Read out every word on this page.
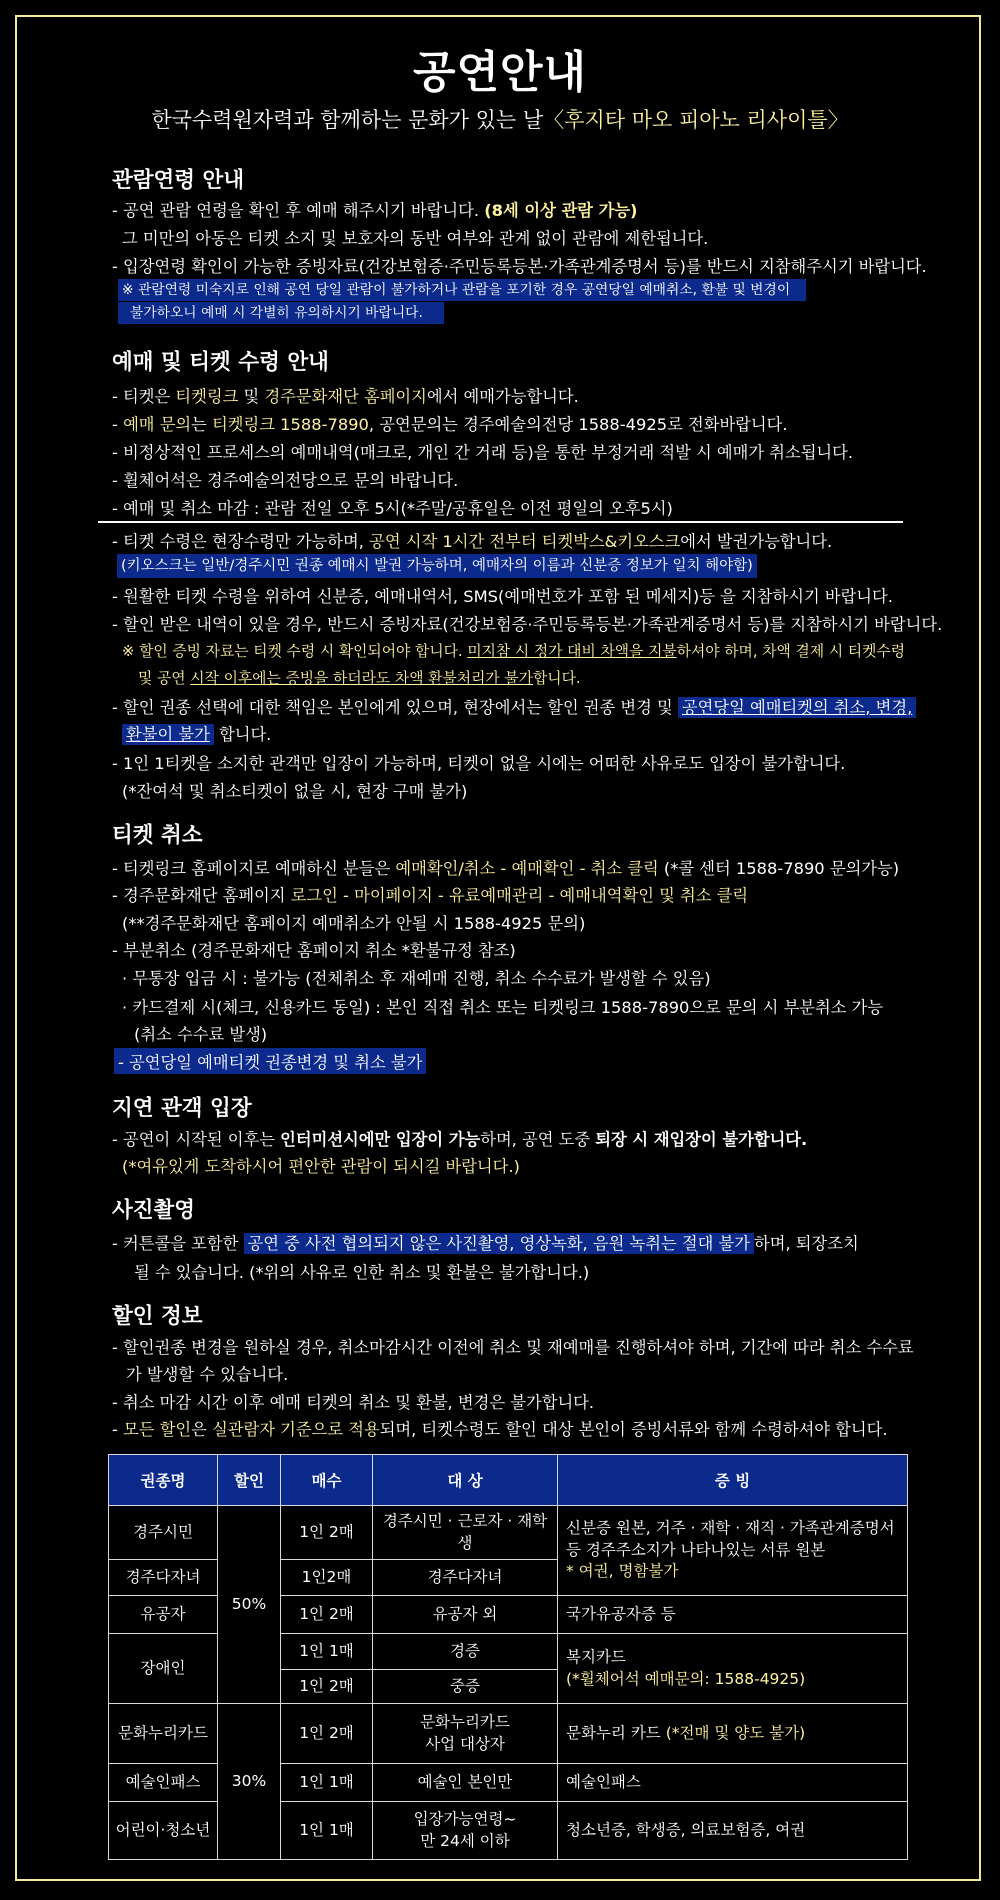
공연안내
한국수력원자력과 함께하는 문화가 있는 날〈후지타 마오 피아노 리사이틀〉
관람연령 안내
- 공연 관람 연령을 확인 후 예매 해주시기 바랍니다. (8세 이상 관람 가능)
그 미만의 아동은 티켓 소지 및 보호자의 동반 여부와 관계 없이 관람에 제한됩니다.
- 입장연령 확인이 가능한 증빙자료(건강보험증·주민등록등본·가족관계증명서 등)를 반드시 지참해주시기 바랍니다.
※ 관람연령 미숙지로 인해 공연 당일 관람이 불가하거나 관람을 포기한 경우 공연당일 예매취소, 환불 및 변경이
불가하오니 예매 시 각별히 유의하시기 바랍니다.
예매 및 티켓 수령 안내
- 티켓은 티켓링크 및 경주문화재단 홈페이지에서 예매가능합니다.
- 예매 문의는 티켓링크 1588-7890, 공연문의는 경주예술의전당 1588-4925로 전화바랍니다.
- 비정상적인 프로세스의 예매내역(매크로, 개인 간 거래 등)을 통한 부정거래 적발 시 예매가 취소됩니다.
- 휠체어석은 경주예술의전당으로 문의 바랍니다.
- 예매 및 취소 마감 : 관람 전일 오후 5시(*주말/공휴일은 이전 평일의 오후5시)
- 티켓 수령은 현장수령만 가능하며, 공연 시작 1시간 전부터 티켓박스&키오스크에서 발권가능합니다.
(키오스크는 일반/경주시민 권종 예매시 발권 가능하며, 예매자의 이름과 신분증 정보가 일치 해야함)
- 원활한 티켓 수령을 위하여 신분증, 예매내역서, SMS(예매번호가 포함 된 메세지)등 을 지참하시기 바랍니다.
- 할인 받은 내역이 있을 경우, 반드시 증빙자료(건강보험증·주민등록등본·가족관계증명서 등)를 지참하시기 바랍니다.
※ 할인 증빙 자료는 티켓 수령 시 확인되어야 합니다. 미지참 시 정가 대비 차액을 지불하셔야 하며, 차액 결제 시 티켓수령
및 공연 시작 이후에는 증빙을 하더라도 차액 환불처리가 불가합니다.
- 할인 권종 선택에 대한 책임은 본인에게 있으며, 현장에서는 할인 권종 변경 및 공연당일 예매티켓의 취소, 변경,
환불이 불가 합니다.
- 1인 1티켓을 소지한 관객만 입장이 가능하며, 티켓이 없을 시에는 어떠한 사유로도 입장이 불가합니다.
(*잔여석 및 취소티켓이 없을 시, 현장 구매 불가)
티켓 취소
- 티켓링크 홈페이지로 예매하신 분들은 예매확인/취소 - 예매확인 - 취소 클릭 (*콜 센터 1588-7890 문의가능)
- 경주문화재단 홈페이지 로그인 - 마이페이지 - 유료예매관리 - 예매내역확인 및 취소 클릭
(**경주문화재단 홈페이지 예매취소가 안될 시 1588-4925 문의)
- 부분취소 (경주문화재단 홈페이지 취소 *환불규정 참조)
· 무통장 입금 시 : 불가능 (전체취소 후 재예매 진행, 취소 수수료가 발생할 수 있음)
· 카드결제 시(체크, 신용카드 동일) : 본인 직접 취소 또는 티켓링크 1588-7890으로 문의 시 부분취소 가능
(취소 수수료 발생)
- 공연당일 예매티켓 권종변경 및 취소 불가
지연 관객 입장
- 공연이 시작된 이후는 인터미션시에만 입장이 가능하며, 공연 도중 퇴장 시 재입장이 불가합니다.
(*여유있게 도착하시어 편안한 관람이 되시길 바랍니다.)
사진촬영
- 커튼콜을 포함한 공연 중 사전 협의되지 않은 사진촬영, 영상녹화, 음원 녹취는 절대 불가 하며, 퇴장조치
될 수 있습니다. (*위의 사유로 인한 취소 및 환불은 불가합니다.)
할인 정보
- 할인권종 변경을 원하실 경우, 취소마감시간 이전에 취소 및 재예매를 진행하셔야 하며, 기간에 따라 취소 수수료
가 발생할 수 있습니다.
- 취소 마감 시간 이후 예매 티켓의 취소 및 환불, 변경은 불가합니다.
- 모든 할인은 실관람자 기준으로 적용되며, 티켓수령도 할인 대상 본인이 증빙서류와 함께 수령하셔야 합니다.
권종명	할인	매수	대 상	증 빙
경주시민	50%	1인 2매	경주시민 · 근로자 · 재학생	신분증 원본, 거주 · 재학 · 재직 · 가족관계증명서
등 경주주소지가 나타나있는 서류 원본
* 여권, 명함불가

경주다자녀		1인2매	경주다자녀	
유공자		1인 2매	유공자 외	국가유공자증 등
장애인		1인 1매	경증	복지카드
(*휠체어석 예매문의: 1588-4925)

		1인 2매	중증	
문화누리카드	30%	1인 2매	문화누리카드
사업 대상자	문화누리 카드 (*전매 및 양도 불가)
예술인패스		1인 1매	예술인 본인만	예술인패스
어린이·청소년		1인 1매	입장가능연령~
만 24세 이하	청소년증, 학생증, 의료보험증, 여권
